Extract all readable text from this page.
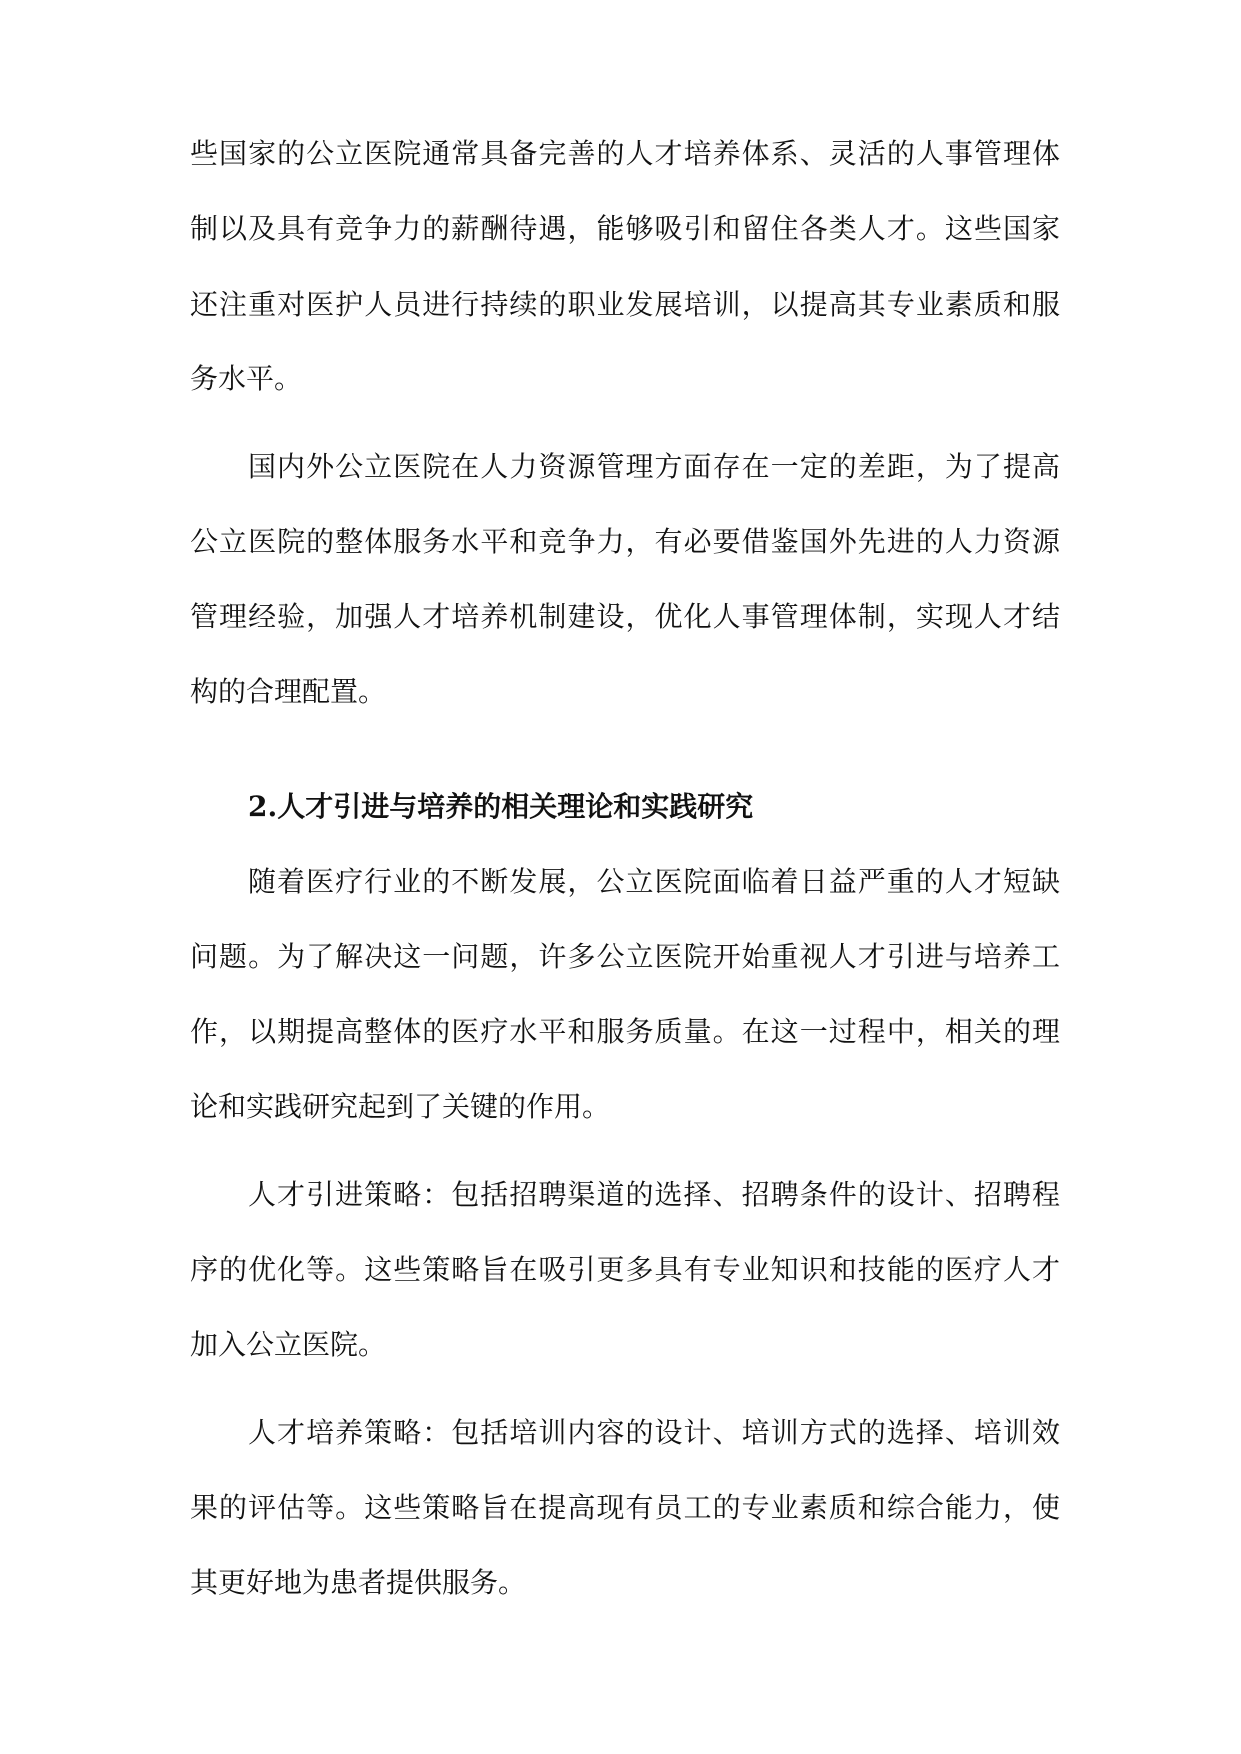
些国家的公立医院通常具备完善的人才培养体系、灵活的人事管理体
制以及具有竞争力的薪酬待遇，能够吸引和留住各类人才。这些国家
还注重对医护人员进行持续的职业发展培训，以提高其专业素质和服
务水平。
国内外公立医院在人力资源管理方面存在一定的差距，为了提高
公立医院的整体服务水平和竞争力，有必要借鉴国外先进的人力资源
管理经验，加强人才培养机制建设，优化人事管理体制，实现人才结
构的合理配置。
2.人才引进与培养的相关理论和实践研究
随着医疗行业的不断发展，公立医院面临着日益严重的人才短缺
问题。为了解决这一问题，许多公立医院开始重视人才引进与培养工
作，以期提高整体的医疗水平和服务质量。在这一过程中，相关的理
论和实践研究起到了关键的作用。
人才引进策略：包括招聘渠道的选择、招聘条件的设计、招聘程
序的优化等。这些策略旨在吸引更多具有专业知识和技能的医疗人才
加入公立医院。
人才培养策略：包括培训内容的设计、培训方式的选择、培训效
果的评估等。这些策略旨在提高现有员工的专业素质和综合能力，使
其更好地为患者提供服务。
